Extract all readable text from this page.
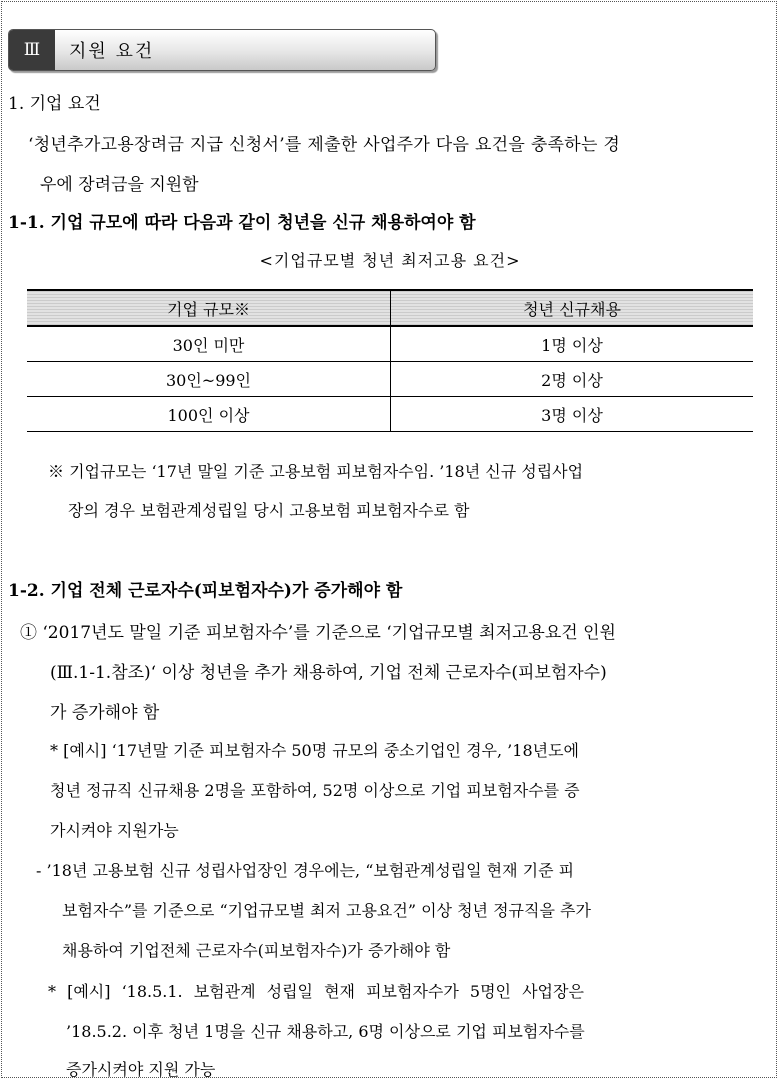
Ⅲ	지원 요건
1. 기업 요건
‘청년추가고용장려금 지급 신청서’를 제출한 사업주가 다음 요건을 충족하는 경
우에 장려금을 지원함
1-1. 기업 규모에 따라 다음과 같이 청년을 신규 채용하여야 함
<기업규모별 청년 최저고용 요건>
기업 규모※	청년 신규채용
30인 미만	1명 이상
30인~99인	2명 이상
100인 이상	3명 이상
※ 기업규모는 ‘17년 말일 기준 고용보험 피보험자수임. ’18년 신규 성립사업
장의 경우 보험관계성립일 당시 고용보험 피보험자수로 함
1-2. 기업 전체 근로자수(피보험자수)가 증가해야 함
① ‘2017년도 말일 기준 피보험자수’를 기준으로 ‘기업규모별 최저고용요건 인원
(Ⅲ.1-1.참조)‘ 이상 청년을 추가 채용하여, 기업 전체 근로자수(피보험자수)
가 증가해야 함
* [예시] ‘17년말 기준 피보험자수 50명 규모의 중소기업인 경우, ’18년도에
청년 정규직 신규채용 2명을 포함하여, 52명 이상으로 기업 피보험자수를 증
가시켜야 지원가능
- ’18년 고용보험 신규 성립사업장인 경우에는, “보험관계성립일 현재 기준 피
보험자수”를 기준으로 “기업규모별 최저 고용요건” 이상 청년 정규직을 추가
채용하여 기업전체 근로자수(피보험자수)가 증가해야 함
* [예시] ‘18.5.1. 보험관계 성립일 현재 피보험자수가 5명인 사업장은
’18.5.2. 이후 청년 1명을 신규 채용하고, 6명 이상으로 기업 피보험자수를
증가시켜야 지원 가능
